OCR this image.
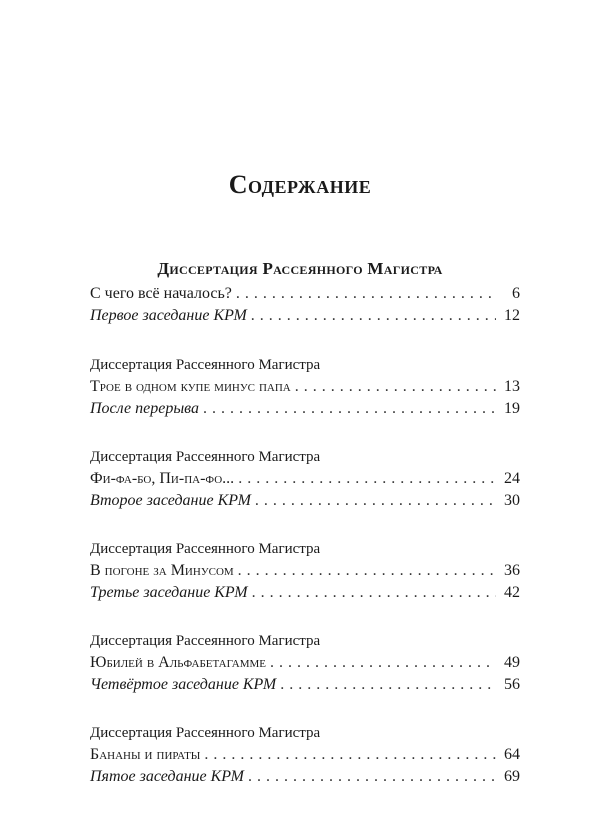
Содержание
Диссертация Рассеянного Магистра
С чего всё началось? . . .	6
Первое заседание КРМ . . .	12
Диссертация Рассеянного Магистра
Трое в одном купе минус папа . . .	13
После перерыва . . .	19
Диссертация Рассеянного Магистра
Фи-фа-бо, Пи-па-фо... . . .	24
Второе заседание КРМ . . .	30
Диссертация Рассеянного Магистра
В погоне за Минусом . . .	36
Третье заседание КРМ . . .	42
Диссертация Рассеянного Магистра
Юбилей в Альфабетагамме . . .	49
Четвёртое заседание КРМ . . .	56
Диссертация Рассеянного Магистра
Бананы и пираты . . .	64
Пятое заседание КРМ . . .	69
